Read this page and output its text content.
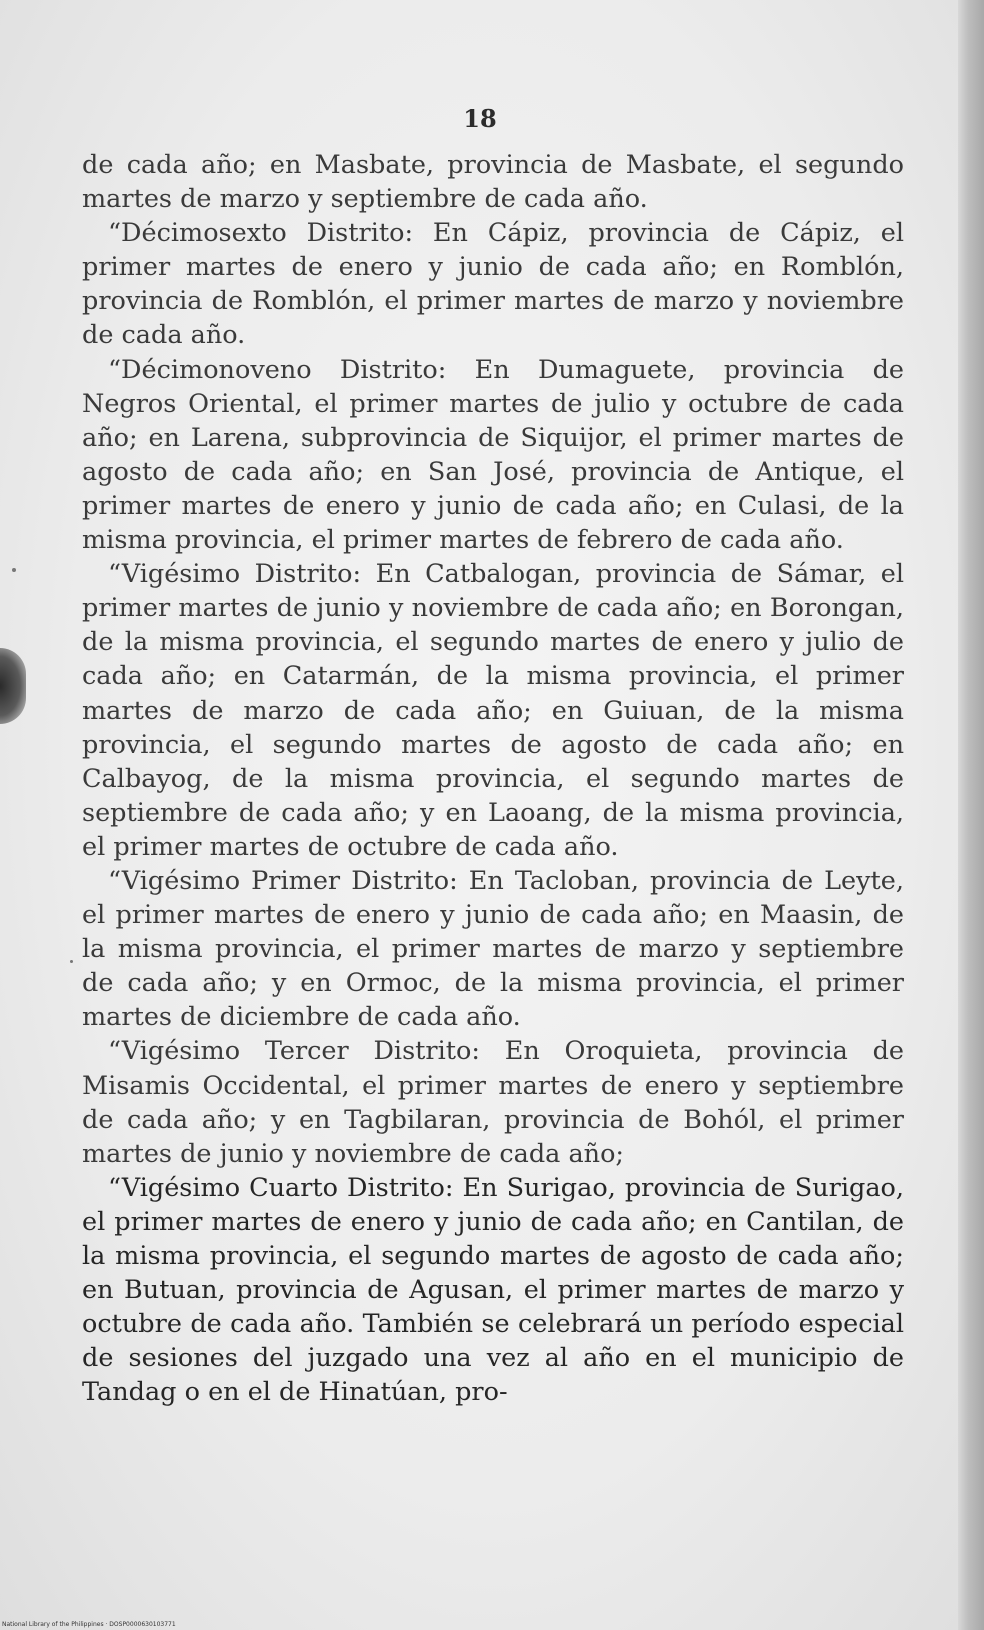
18

de cada año; en Masbate, provincia de Masbate, el segundo martes de marzo y septiembre de cada año.

“Décimosexto Distrito: En Cápiz, provincia de Cápiz, el primer martes de enero y junio de cada año; en Romblón, provincia de Romblón, el primer martes de marzo y noviembre de cada año.

“Décimonoveno Distrito: En Dumaguete, provincia de Negros Oriental, el primer martes de julio y octubre de cada año; en Larena, subprovincia de Siquijor, el primer martes de agosto de cada año; en San José, provincia de Antique, el primer martes de enero y junio de cada año; en Culasi, de la misma provincia, el primer martes de febrero de cada año.

“Vigésimo Distrito: En Catbalogan, provincia de Sámar, el primer martes de junio y noviembre de cada año; en Borongan, de la misma provincia, el segundo martes de enero y julio de cada año; en Catarmán, de la misma provincia, el primer martes de marzo de cada año; en Guiuan, de la misma provincia, el segundo martes de agosto de cada año; en Calbayog, de la misma provincia, el segundo martes de septiembre de cada año; y en Laoang, de la misma provincia, el primer martes de octubre de cada año.

“Vigésimo Primer Distrito: En Tacloban, provincia de Leyte, el primer martes de enero y junio de cada año; en Maasin, de la misma provincia, el primer martes de marzo y septiembre de cada año; y en Ormoc, de la misma provincia, el primer martes de diciembre de cada año.

“Vigésimo Tercer Distrito: En Oroquieta, provincia de Misamis Occidental, el primer martes de enero y septiembre de cada año; y en Tagbilaran, provincia de Bohól, el primer martes de junio y noviembre de cada año;

“Vigésimo Cuarto Distrito: En Surigao, provincia de Surigao, el primer martes de enero y junio de cada año; en Cantilan, de la misma provincia, el segundo martes de agosto de cada año; en Butuan, provincia de Agusan, el primer martes de marzo y octubre de cada año. También se celebrará un período especial de sesiones del juzgado una vez al año en el municipio de Tandag o en el de Hinatúan, pro-

National Library of the Philippines · DOSP0000630103771
